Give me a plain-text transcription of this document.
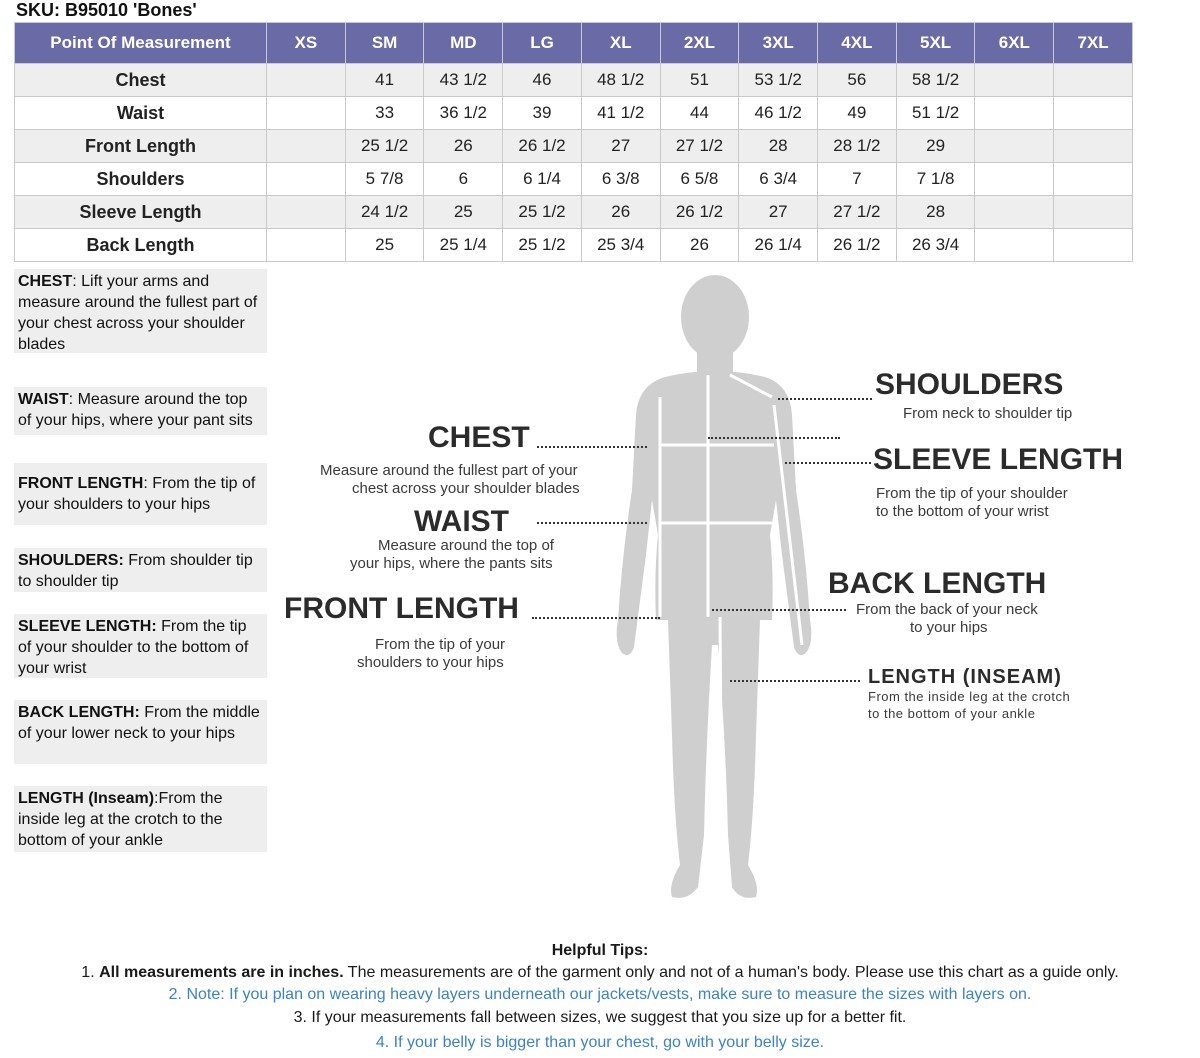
SKU: B95010 'Bones'
Point Of Measurement	XS	SM	MD	LG	XL	2XL	3XL	4XL	5XL	6XL	7XL
Chest		41	43 1/2	46	48 1/2	51	53 1/2	56	58 1/2		
Waist		33	36 1/2	39	41 1/2	44	46 1/2	49	51 1/2		
Front Length		25 1/2	26	26 1/2	27	27 1/2	28	28 1/2	29		
Shoulders		5 7/8	6	6 1/4	6 3/8	6 5/8	6 3/4	7	7 1/8		
Sleeve Length		24 1/2	25	25 1/2	26	26 1/2	27	27 1/2	28		
Back Length		25	25 1/4	25 1/2	25 3/4	26	26 1/4	26 1/2	26 3/4		
CHEST: Lift your arms and measure around the fullest part of your chest across your shoulder blades
WAIST: Measure around the top of your hips, where your pant sits
FRONT LENGTH: From the tip of your shoulders to your hips
SHOULDERS: From shoulder tip to shoulder tip
SLEEVE LENGTH: From the tip of your shoulder to the bottom of your wrist
BACK LENGTH: From the middle of your lower neck to your hips
LENGTH (Inseam):From the inside leg at the crotch to the bottom of your ankle
CHEST
Measure around the fullest part of your
chest across your shoulder blades
WAIST
Measure around the top of
your hips, where the pants sits
FRONT LENGTH
From the tip of your
shoulders to your hips
SHOULDERS
From neck to shoulder tip
SLEEVE LENGTH
From the tip of your shoulder
to the bottom of your wrist
BACK LENGTH
From the back of your neck
to your hips
LENGTH (INSEAM)
From the inside leg at the crotch
to the bottom of your ankle
Helpful Tips:
1. All measurements are in inches. The measurements are of the garment only and not of a human's body. Please use this chart as a guide only.
2. Note: If you plan on wearing heavy layers underneath our jackets/vests, make sure to measure the sizes with layers on.
3. If your measurements fall between sizes, we suggest that you size up for a better fit.
4. If your belly is bigger than your chest, go with your belly size.
